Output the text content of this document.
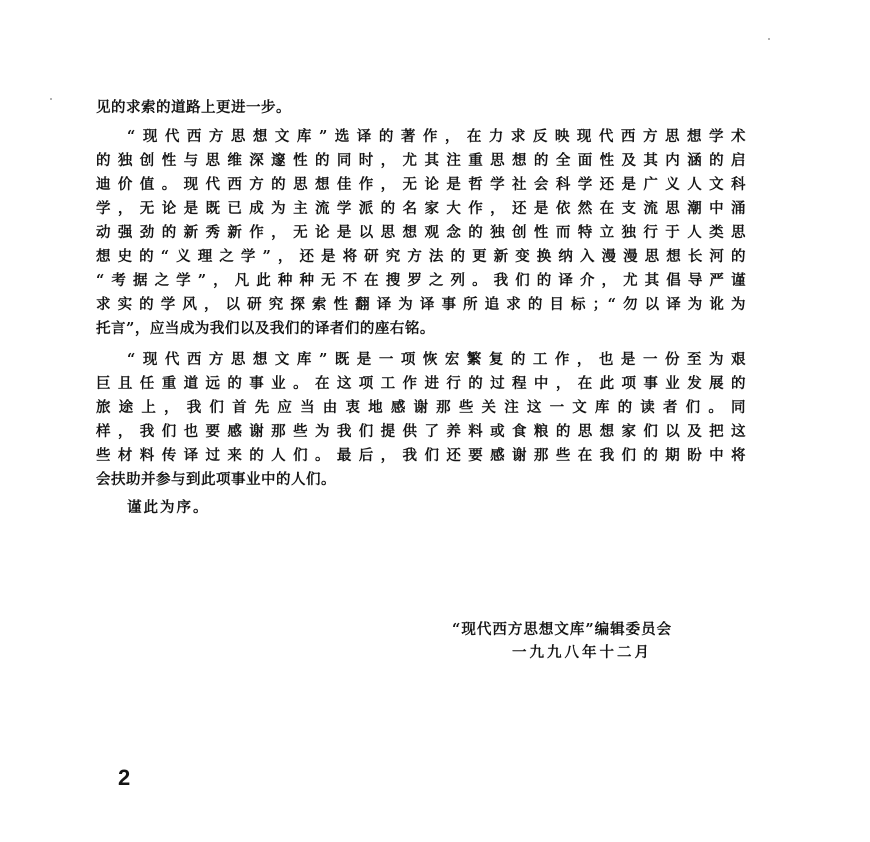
见的求索的道路上更进一步。
“现代西方思想文库”选译的著作，在力求反映现代西方思想学术
的独创性与思维深邃性的同时，尤其注重思想的全面性及其内涵的启
迪价值。现代西方的思想佳作，无论是哲学社会科学还是广义人文科
学，无论是既已成为主流学派的名家大作，还是依然在支流思潮中涌
动强劲的新秀新作，无论是以思想观念的独创性而特立独行于人类思
想史的“义理之学”，还是将研究方法的更新变换纳入漫漫思想长河的
“考据之学”，凡此种种无不在搜罗之列。我们的译介，尤其倡导严谨
求实的学风，以研究探索性翻译为译事所追求的目标；“勿以译为讹为
托言”，应当成为我们以及我们的译者们的座右铭。
“现代西方思想文库”既是一项恢宏繁复的工作，也是一份至为艰
巨且任重道远的事业。在这项工作进行的过程中，在此项事业发展的
旅途上，我们首先应当由衷地感谢那些关注这一文库的读者们。同
样，我们也要感谢那些为我们提供了养料或食粮的思想家们以及把这
些材料传译过来的人们。最后，我们还要感谢那些在我们的期盼中将
会扶助并参与到此项事业中的人们。
谨此为序。
“现代西方思想文库”编辑委员会
一九九八年十二月
2
